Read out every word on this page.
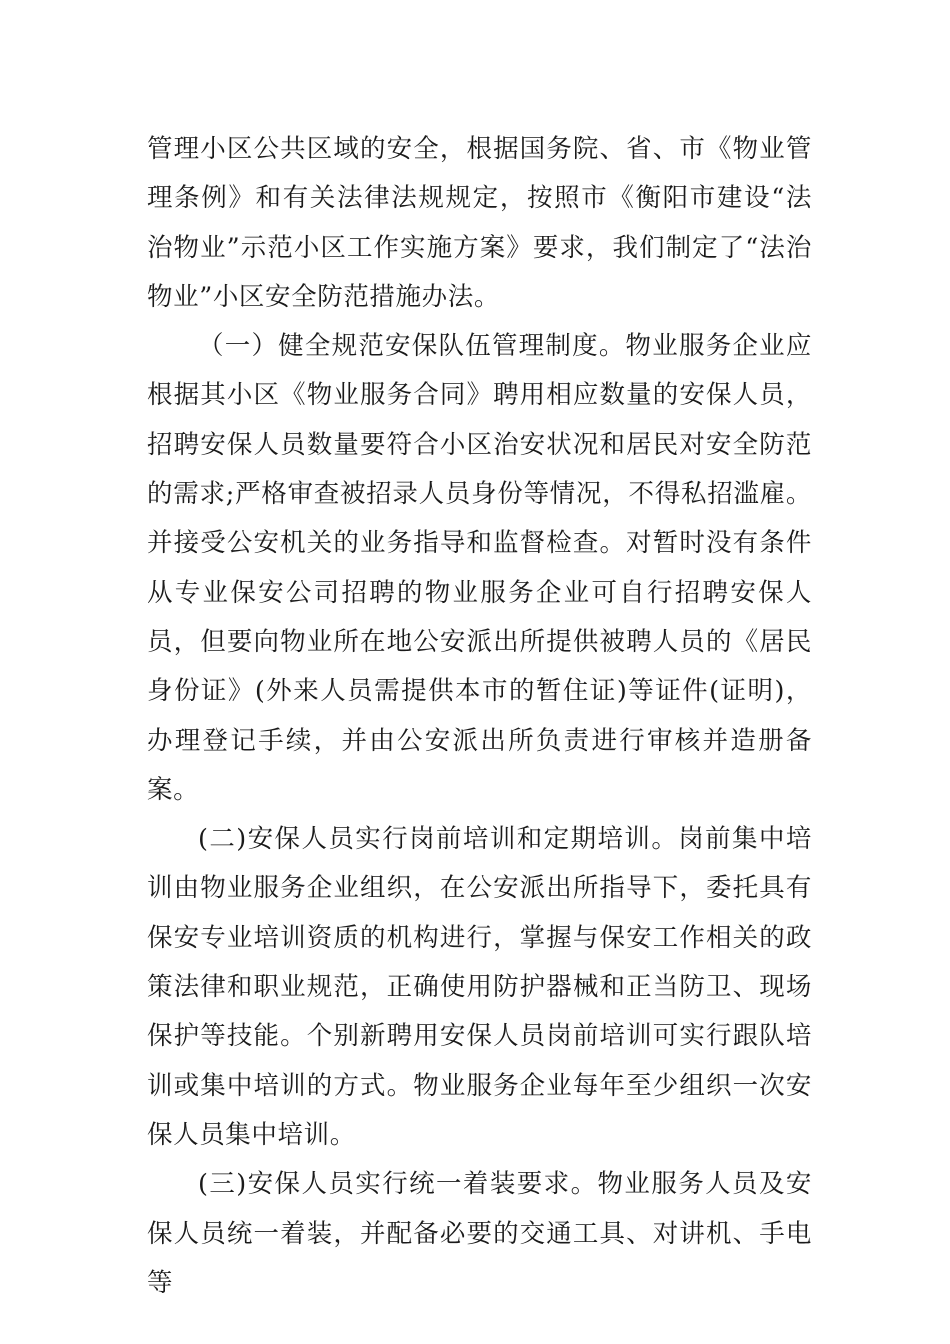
管理小区公共区域的安全，根据国务院、省、市《物业管理条例》和有关法律法规规定，按照市《衡阳市建设“法治物业”示范小区工作实施方案》要求，我们制定了“法治物业”小区安全防范措施办法。

（一）健全规范安保队伍管理制度。物业服务企业应根据其小区《物业服务合同》聘用相应数量的安保人员，招聘安保人员数量要符合小区治安状况和居民对安全防范的需求;严格审查被招录人员身份等情况，不得私招滥雇。并接受公安机关的业务指导和监督检查。对暂时没有条件从专业保安公司招聘的物业服务企业可自行招聘安保人员，但要向物业所在地公安派出所提供被聘人员的《居民身份证》(外来人员需提供本市的暂住证)等证件(证明)，办理登记手续，并由公安派出所负责进行审核并造册备案。

(二)安保人员实行岗前培训和定期培训。岗前集中培训由物业服务企业组织，在公安派出所指导下，委托具有保安专业培训资质的机构进行，掌握与保安工作相关的政策法律和职业规范，正确使用防护器械和正当防卫、现场保护等技能。个别新聘用安保人员岗前培训可实行跟队培训或集中培训的方式。物业服务企业每年至少组织一次安保人员集中培训。

(三)安保人员实行统一着装要求。物业服务人员及安保人员统一着装，并配备必要的交通工具、对讲机、手电等
